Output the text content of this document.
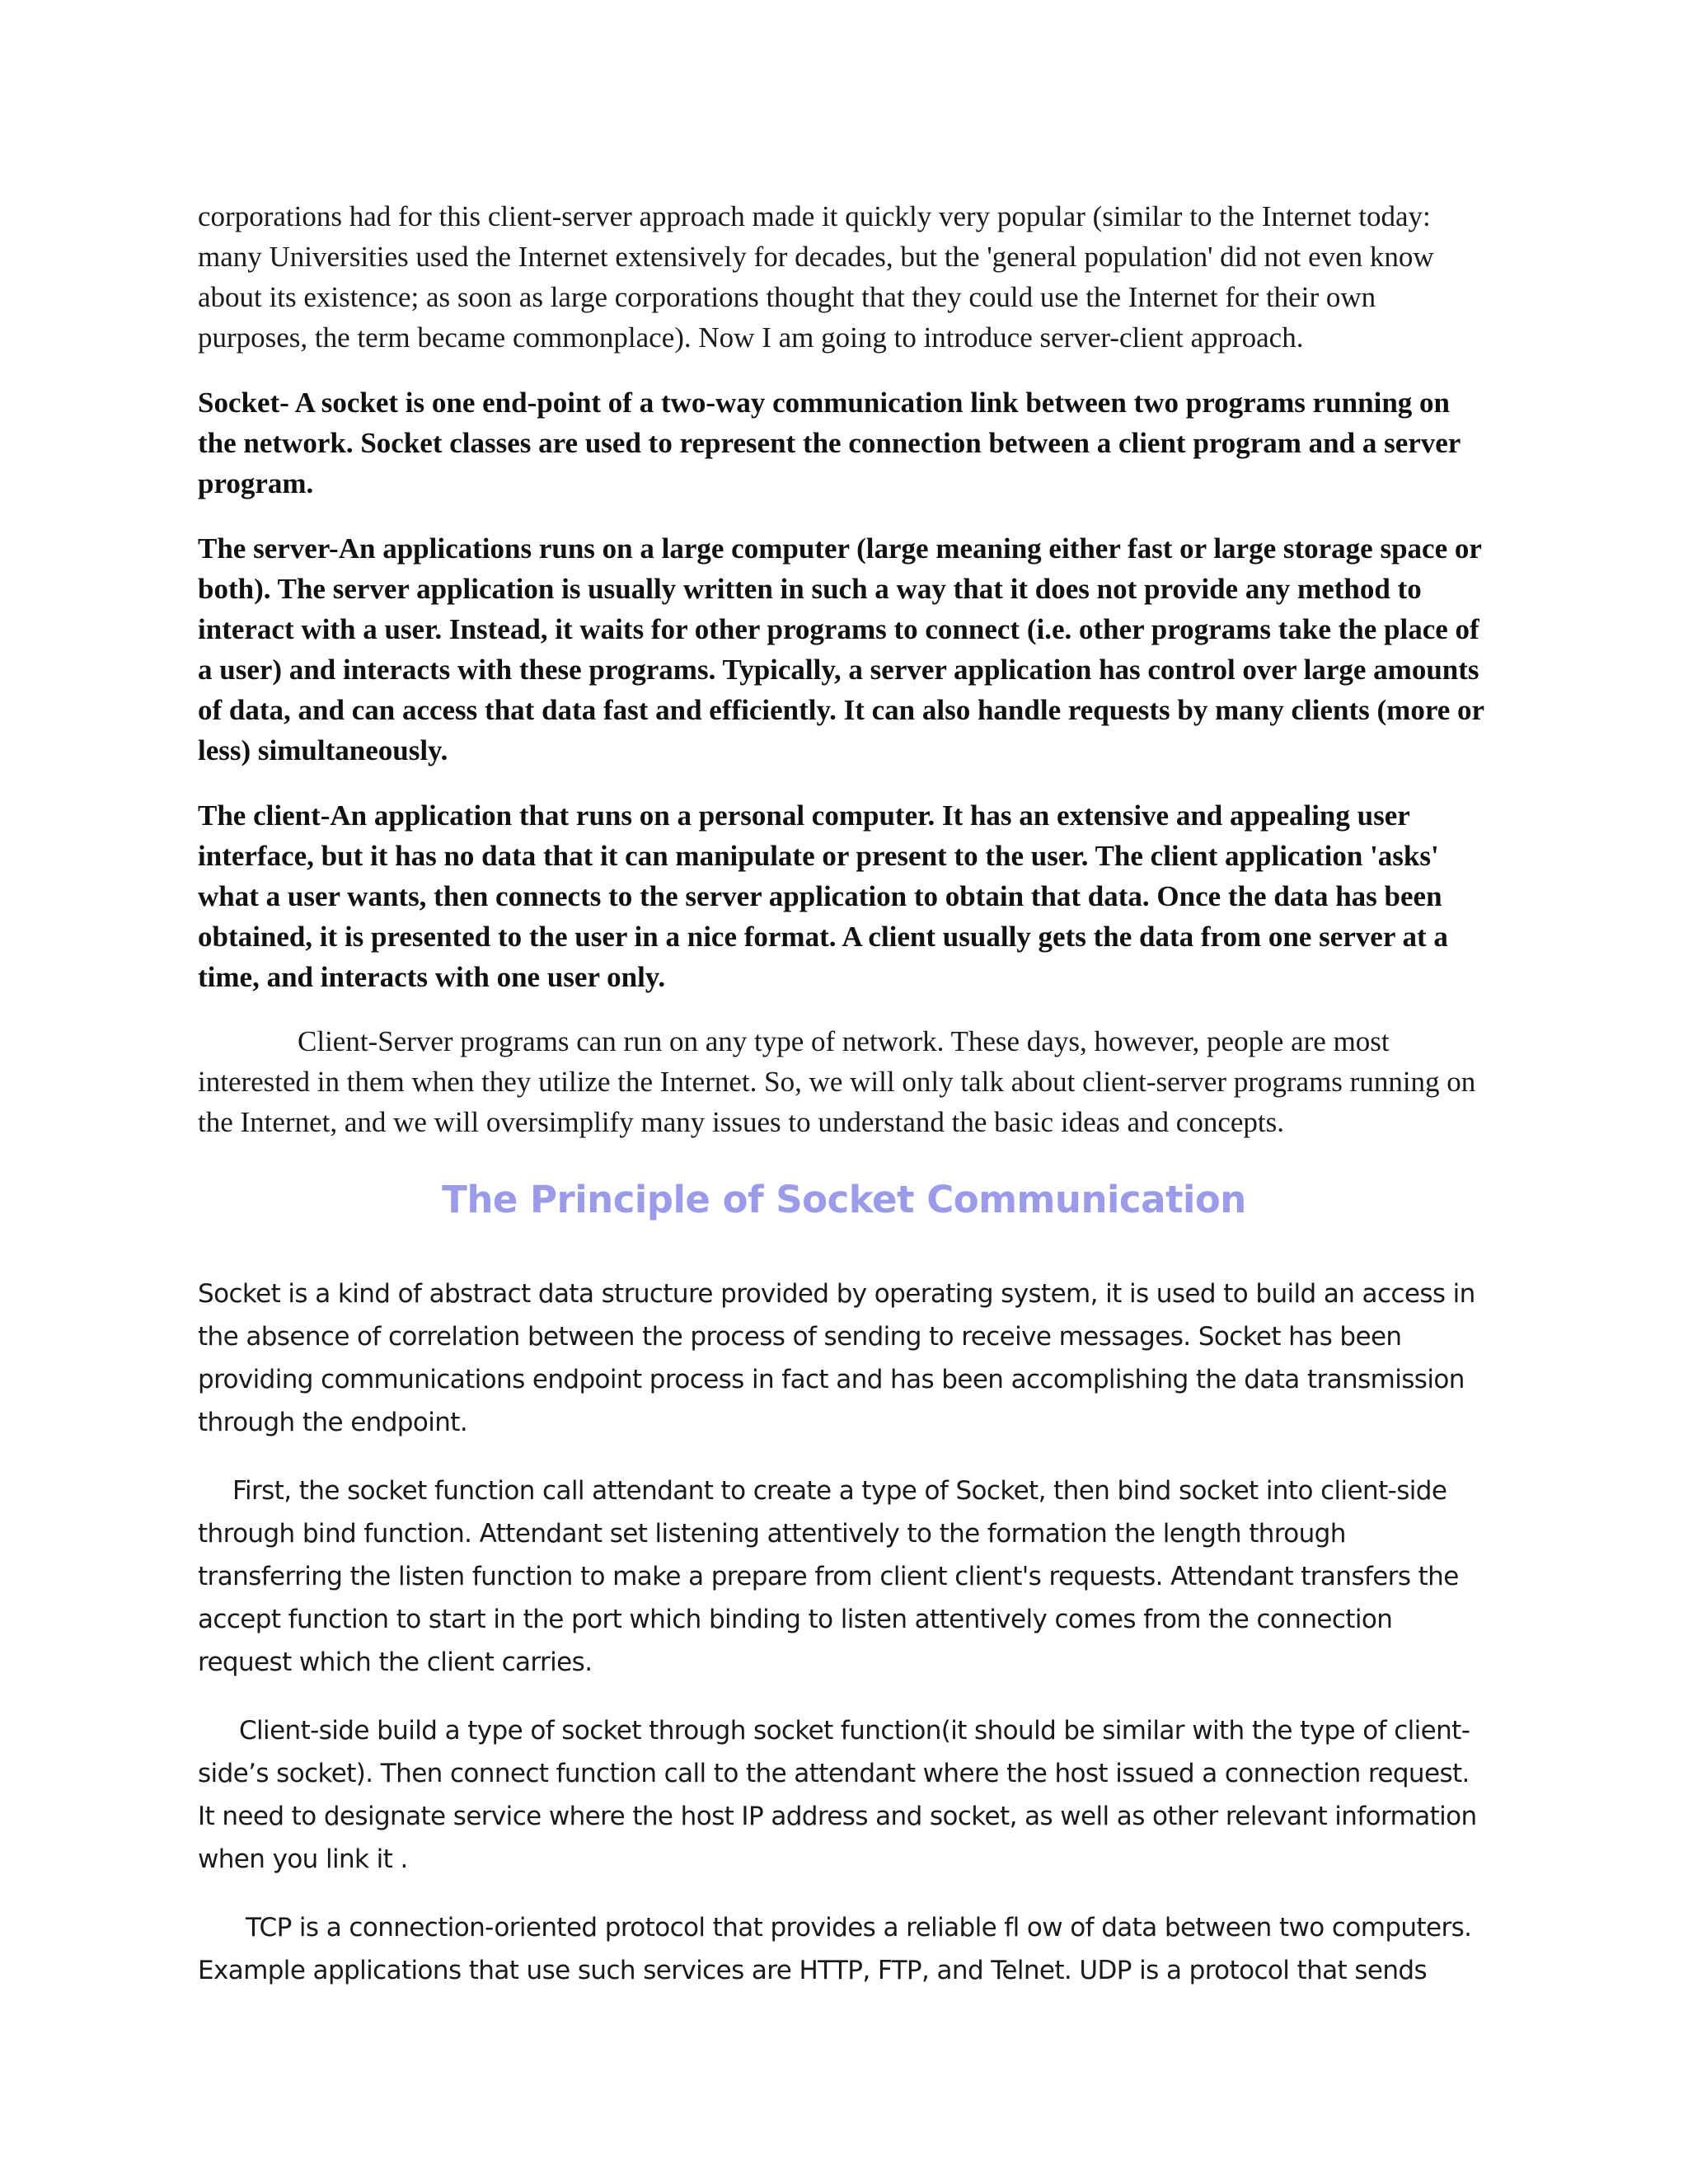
corporations had for this client-server approach made it quickly very popular (similar to the Internet today: many Universities used the Internet extensively for decades, but the 'general population' did not even know about its existence; as soon as large corporations thought that they could use the Internet for their own purposes, the term became commonplace). Now I am going to introduce server-client approach.

Socket- A socket is one end-point of a two-way communication link between two programs running on the network. Socket classes are used to represent the connection between a client program and a server program.

The server-An applications runs on a large computer (large meaning either fast or large storage space or both). The server application is usually written in such a way that it does not provide any method to interact with a user. Instead, it waits for other programs to connect (i.e. other programs take the place of a user) and interacts with these programs. Typically, a server application has control over large amounts of data, and can access that data fast and efficiently. It can also handle requests by many clients (more or less) simultaneously.

The client-An application that runs on a personal computer. It has an extensive and appealing user interface, but it has no data that it can manipulate or present to the user. The client application 'asks' what a user wants, then connects to the server application to obtain that data. Once the data has been obtained, it is presented to the user in a nice format. A client usually gets the data from one server at a time, and interacts with one user only.

Client-Server programs can run on any type of network. These days, however, people are most interested in them when they utilize the Internet. So, we will only talk about client-server programs running on the Internet, and we will oversimplify many issues to understand the basic ideas and concepts.

The Principle of Socket Communication

Socket is a kind of abstract data structure provided by operating system, it is used to build an access in the absence of correlation between the process of sending to receive messages. Socket has been providing communications endpoint process in fact and has been accomplishing the data transmission through the endpoint.

First, the socket function call attendant to create a type of Socket, then bind socket into client-side through bind function. Attendant set listening attentively to the formation the length through transferring the listen function to make a prepare from client client's requests. Attendant transfers the accept function to start in the port which binding to listen attentively comes from the connection request which the client carries.

Client-side build a type of socket through socket function(it should be similar with the type of client-side’s socket). Then connect function call to the attendant where the host issued a connection request. It need to designate service where the host IP address and socket, as well as other relevant information when you link it .

TCP is a connection-oriented protocol that provides a reliable fl ow of data between two computers. Example applications that use such services are HTTP, FTP, and Telnet. UDP is a protocol that sends
